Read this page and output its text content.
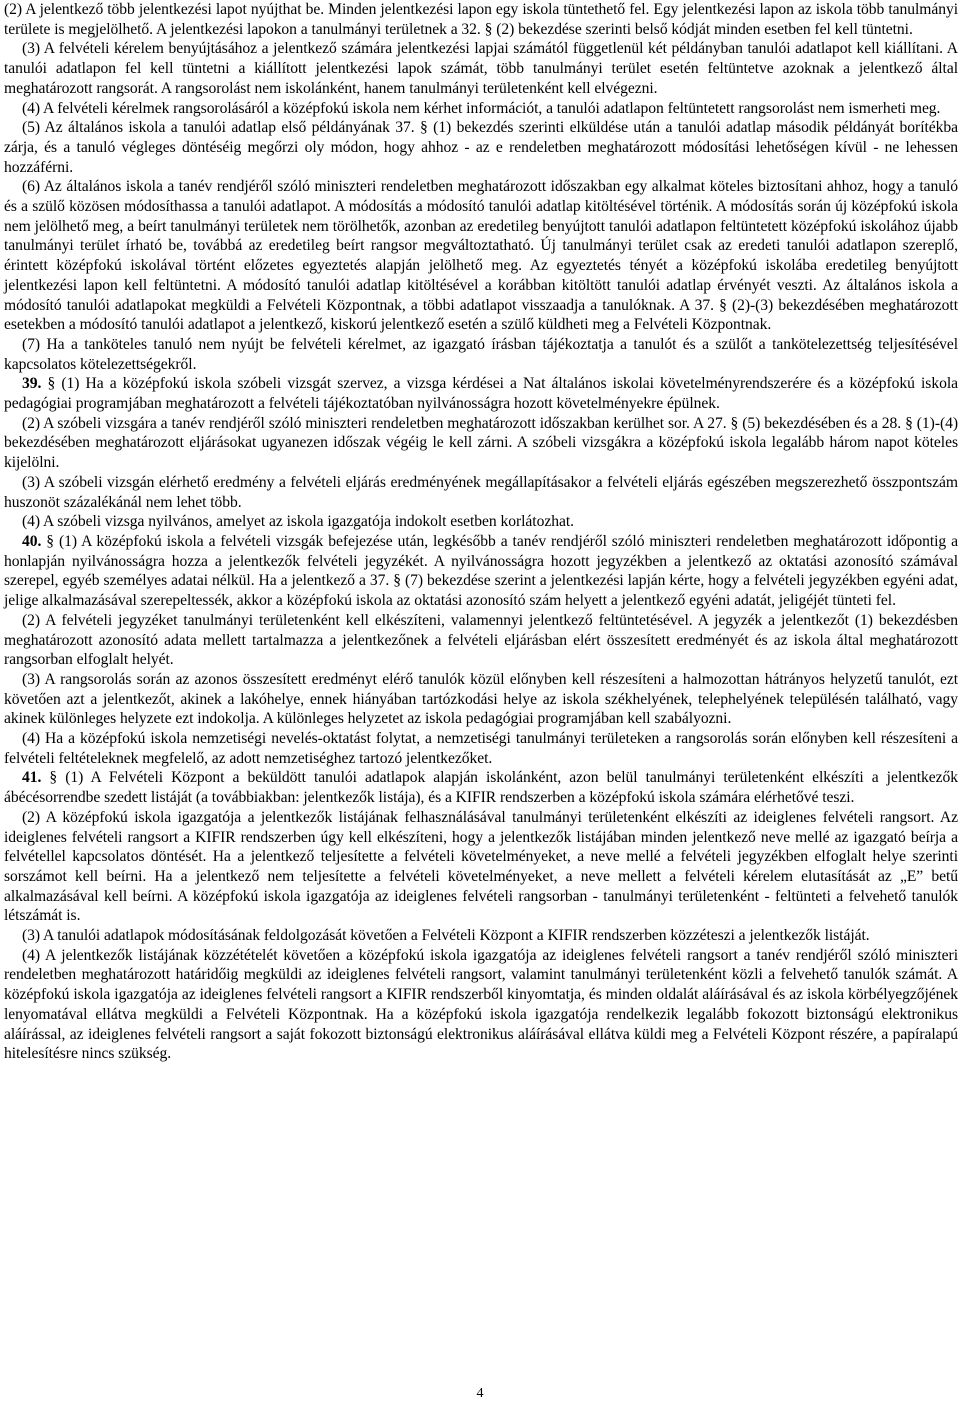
(2) A jelentkező több jelentkezési lapot nyújthat be. Minden jelentkezési lapon egy iskola tüntethető fel. Egy jelentkezési lapon az iskola több tanulmányi területe is megjelölhető. A jelentkezési lapokon a tanulmányi területnek a 32. § (2) bekezdése szerinti belső kódját minden esetben fel kell tüntetni.

(3) A felvételi kérelem benyújtásához a jelentkező számára jelentkezési lapjai számától függetlenül két példányban tanulói adatlapot kell kiállítani. A tanulói adatlapon fel kell tüntetni a kiállított jelentkezési lapok számát, több tanulmányi terület esetén feltüntetve azoknak a jelentkező által meghatározott rangsorát. A rangsorolást nem iskolánként, hanem tanulmányi területenként kell elvégezni.

(4) A felvételi kérelmek rangsorolásáról a középfokú iskola nem kérhet információt, a tanulói adatlapon feltüntetett rangsorolást nem ismerheti meg.

(5) Az általános iskola a tanulói adatlap első példányának 37. § (1) bekezdés szerinti elküldése után a tanulói adatlap második példányát borítékba zárja, és a tanuló végleges döntéséig megőrzi oly módon, hogy ahhoz - az e rendeletben meghatározott módosítási lehetőségen kívül - ne lehessen hozzáférni.

(6) Az általános iskola a tanév rendjéről szóló miniszteri rendeletben meghatározott időszakban egy alkalmat köteles biztosítani ahhoz, hogy a tanuló és a szülő közösen módosíthassa a tanulói adatlapot. A módosítás a módosító tanulói adatlap kitöltésével történik. A módosítás során új középfokú iskola nem jelölhető meg, a beírt tanulmányi területek nem törölhetők, azonban az eredetileg benyújtott tanulói adatlapon feltüntetett középfokú iskolához újabb tanulmányi terület írható be, továbbá az eredetileg beírt rangsor megváltoztatható. Új tanulmányi terület csak az eredeti tanulói adatlapon szereplő, érintett középfokú iskolával történt előzetes egyeztetés alapján jelölhető meg. Az egyeztetés tényét a középfokú iskolába eredetileg benyújtott jelentkezési lapon kell feltüntetni. A módosító tanulói adatlap kitöltésével a korábban kitöltött tanulói adatlap érvényét veszti. Az általános iskola a módosító tanulói adatlapokat megküldi a Felvételi Központnak, a többi adatlapot visszaadja a tanulóknak. A 37. § (2)-(3) bekezdésében meghatározott esetekben a módosító tanulói adatlapot a jelentkező, kiskorú jelentkező esetén a szülő küldheti meg a Felvételi Központnak.

(7) Ha a tanköteles tanuló nem nyújt be felvételi kérelmet, az igazgató írásban tájékoztatja a tanulót és a szülőt a tankötelezettség teljesítésével kapcsolatos kötelezettségekről.

39. § (1) Ha a középfokú iskola szóbeli vizsgát szervez, a vizsga kérdései a Nat általános iskolai követelményrendszerére és a középfokú iskola pedagógiai programjában meghatározott a felvételi tájékoztatóban nyilvánosságra hozott követelményekre épülnek.

(2) A szóbeli vizsgára a tanév rendjéről szóló miniszteri rendeletben meghatározott időszakban kerülhet sor. A 27. § (5) bekezdésében és a 28. § (1)-(4) bekezdésében meghatározott eljárásokat ugyanezen időszak végéig le kell zárni. A szóbeli vizsgákra a középfokú iskola legalább három napot köteles kijelölni.

(3) A szóbeli vizsgán elérhető eredmény a felvételi eljárás eredményének megállapításakor a felvételi eljárás egészében megszerezhető összpontszám huszonöt százalékánál nem lehet több.

(4) A szóbeli vizsga nyilvános, amelyet az iskola igazgatója indokolt esetben korlátozhat.

40. § (1) A középfokú iskola a felvételi vizsgák befejezése után, legkésőbb a tanév rendjéről szóló miniszteri rendeletben meghatározott időpontig a honlapján nyilvánosságra hozza a jelentkezők felvételi jegyzékét. A nyilvánosságra hozott jegyzékben a jelentkező az oktatási azonosító számával szerepel, egyéb személyes adatai nélkül. Ha a jelentkező a 37. § (7) bekezdése szerint a jelentkezési lapján kérte, hogy a felvételi jegyzékben egyéni adat, jelige alkalmazásával szerepeltessék, akkor a középfokú iskola az oktatási azonosító szám helyett a jelentkező egyéni adatát, jeligéjét tünteti fel.

(2) A felvételi jegyzéket tanulmányi területenként kell elkészíteni, valamennyi jelentkező feltüntetésével. A jegyzék a jelentkezőt (1) bekezdésben meghatározott azonosító adata mellett tartalmazza a jelentkezőnek a felvételi eljárásban elért összesített eredményét és az iskola által meghatározott rangsorban elfoglalt helyét.

(3) A rangsorolás során az azonos összesített eredményt elérő tanulók közül előnyben kell részesíteni a halmozottan hátrányos helyzetű tanulót, ezt követően azt a jelentkezőt, akinek a lakóhelye, ennek hiányában tartózkodási helye az iskola székhelyének, telephelyének településén található, vagy akinek különleges helyzete ezt indokolja. A különleges helyzetet az iskola pedagógiai programjában kell szabályozni.

(4) Ha a középfokú iskola nemzetiségi nevelés-oktatást folytat, a nemzetiségi tanulmányi területeken a rangsorolás során előnyben kell részesíteni a felvételi feltételeknek megfelelő, az adott nemzetiséghez tartozó jelentkezőket.

41. § (1) A Felvételi Központ a beküldött tanulói adatlapok alapján iskolánként, azon belül tanulmányi területenként elkészíti a jelentkezők ábécésorrendbe szedett listáját (a továbbiakban: jelentkezők listája), és a KIFIR rendszerben a középfokú iskola számára elérhetővé teszi.

(2) A középfokú iskola igazgatója a jelentkezők listájának felhasználásával tanulmányi területenként elkészíti az ideiglenes felvételi rangsort. Az ideiglenes felvételi rangsort a KIFIR rendszerben úgy kell elkészíteni, hogy a jelentkezők listájában minden jelentkező neve mellé az igazgató beírja a felvétellel kapcsolatos döntését. Ha a jelentkező teljesítette a felvételi követelményeket, a neve mellé a felvételi jegyzékben elfoglalt helye szerinti sorszámot kell beírni. Ha a jelentkező nem teljesítette a felvételi követelményeket, a neve mellett a felvételi kérelem elutasítását az „E” betű alkalmazásával kell beírni. A középfokú iskola igazgatója az ideiglenes felvételi rangsorban - tanulmányi területenként - feltünteti a felvehető tanulók létszámát is.

(3) A tanulói adatlapok módosításának feldolgozását követően a Felvételi Központ a KIFIR rendszerben közzéteszi a jelentkezők listáját.

(4) A jelentkezők listájának közzétételét követően a középfokú iskola igazgatója az ideiglenes felvételi rangsort a tanév rendjéről szóló miniszteri rendeletben meghatározott határidőig megküldi az ideiglenes felvételi rangsort, valamint tanulmányi területenként közli a felvehető tanulók számát. A középfokú iskola igazgatója az ideiglenes felvételi rangsort a KIFIR rendszerből kinyomtatja, és minden oldalát aláírásával és az iskola körbélyegzőjének lenyomatával ellátva megküldi a Felvételi Központnak. Ha a középfokú iskola igazgatója rendelkezik legalább fokozott biztonságú elektronikus aláírással, az ideiglenes felvételi rangsort a saját fokozott biztonságú elektronikus aláírásával ellátva küldi meg a Felvételi Központ részére, a papíralapú hitelesítésre nincs szükség.

4
